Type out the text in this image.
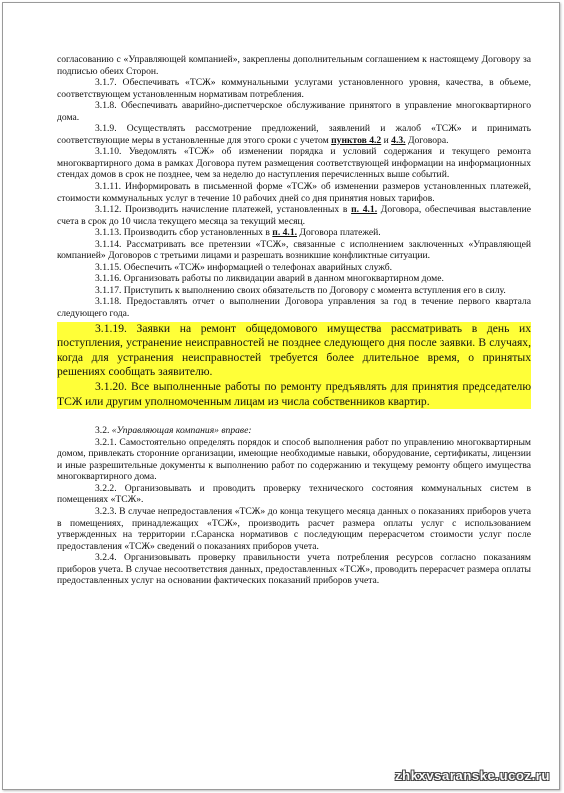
согласованию с «Управляющей компанией», закреплены дополнительным соглашением к настоящему Договору за подписью обеих Сторон.

3.1.7. Обеспечивать «ТСЖ» коммунальными услугами установленного уровня, качества, в объеме, соответствующем установленным нормативам потребления.

3.1.8. Обеспечивать аварийно-диспетчерское обслуживание принятого в управление многоквартирного дома.

3.1.9. Осуществлять рассмотрение предложений, заявлений и жалоб «ТСЖ» и принимать соответствующие меры в установленные для этого сроки с учетом пунктов 4.2 и 4.3. Договора.

3.1.10. Уведомлять «ТСЖ» об изменении порядка и условий содержания и текущего ремонта многоквартирного дома в рамках Договора путем размещения соответствующей информации на информационных стендах домов в срок не позднее, чем за неделю до наступления перечисленных выше событий.

3.1.11. Информировать в письменной форме «ТСЖ» об изменении размеров установленных платежей, стоимости коммунальных услуг в течение 10 рабочих дней со дня принятия новых тарифов.

3.1.12. Производить начисление платежей, установленных в п. 4.1. Договора, обеспечивая выставление счета в срок до 10 числа текущего месяца за текущий месяц.

3.1.13. Производить сбор установленных в п. 4.1. Договора платежей.

3.1.14. Рассматривать все претензии «ТСЖ», связанные с исполнением заключенных «Управляющей компанией» Договоров с третьими лицами и разрешать возникшие конфликтные ситуации.

3.1.15. Обеспечить «ТСЖ» информацией о телефонах аварийных служб.

3.1.16. Организовать работы по ликвидации аварий в данном многоквартирном доме.

3.1.17. Приступить к выполнению своих обязательств по Договору с момента вступления его в силу.

3.1.18. Предоставлять отчет о выполнении Договора управления за год в течение первого квартала следующего года.

3.1.19. Заявки на ремонт общедомового имущества рассматривать в день их поступления, устранение неисправностей не позднее следующего дня после заявки. В случаях, когда для устранения неисправностей требуется более длительное время, о принятых решениях сообщать заявителю.

3.1.20. Все выполненные работы по ремонту предъявлять для принятия председателю ТСЖ или другим уполномоченным лицам из числа собственников квартир.

3.2. «Управляющая компания» вправе:

3.2.1. Самостоятельно определять порядок и способ выполнения работ по управлению многоквартирным домом, привлекать сторонние организации, имеющие необходимые навыки, оборудование, сертификаты, лицензии и иные разрешительные документы к выполнению работ по содержанию и текущему ремонту общего имущества многоквартирного дома.

3.2.2. Организовывать и проводить проверку технического состояния коммунальных систем в помещениях «ТСЖ».

3.2.3. В случае непредоставления «ТСЖ» до конца текущего месяца данных о показаниях приборов учета в помещениях, принадлежащих «ТСЖ», производить расчет размера оплаты услуг с использованием утвержденных на территории г.Саранска нормативов с последующим перерасчетом стоимости услуг после предоставления «ТСЖ» сведений о показаниях приборов учета.

3.2.4. Организовывать проверку правильности учета потребления ресурсов согласно показаниям приборов учета. В случае несоответствия данных, предоставленных «ТСЖ», проводить перерасчет размера оплаты предоставленных услуг на основании фактических показаний приборов учета.

zhkxvsaranske.ucoz.ru
